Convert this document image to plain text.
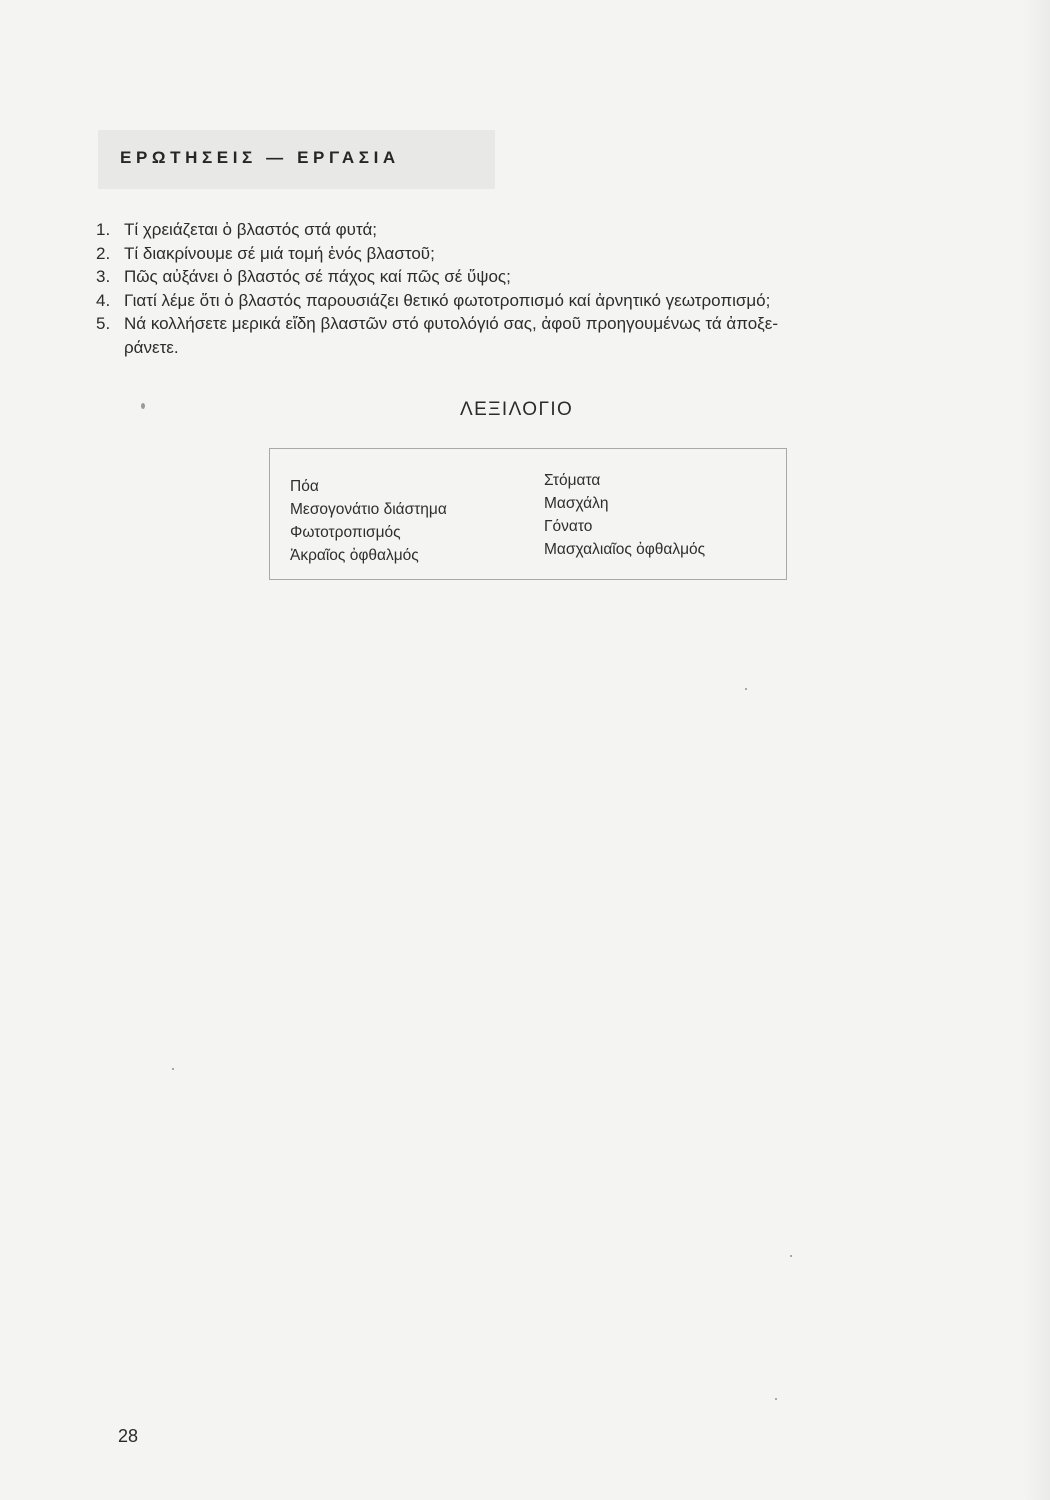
ΕΡΩΤΗΣΕΙΣ — ΕΡΓΑΣΙΑ
1. Τί χρειάζεται ὁ βλαστός στά φυτά;
2. Τί διακρίνουμε σέ μιά τομή ἑνός βλαστοῦ;
3. Πῶς αὐξάνει ὁ βλαστός σέ πάχος καί πῶς σέ ὕψος;
4. Γιατί λέμε ὅτι ὁ βλαστός παρουσιάζει θετικό φωτοτροπισμό καί ἀρνητικό γεωτροπισμό;
5. Νά κολλήσετε μερικά εἴδη βλαστῶν στό φυτολόγιό σας, ἀφοῦ προηγουμένως τά ἀποξε-
ράνετε.
ΛΕΞΙΛΟΓΙΟ
Πόα
Μεσογονάτιο διάστημα
Φωτοτροπισμός
Ἀκραῖος ὀφθαλμός
Στόματα
Μασχάλη
Γόνατο
Μασχαλιαῖος ὀφθαλμός
28
